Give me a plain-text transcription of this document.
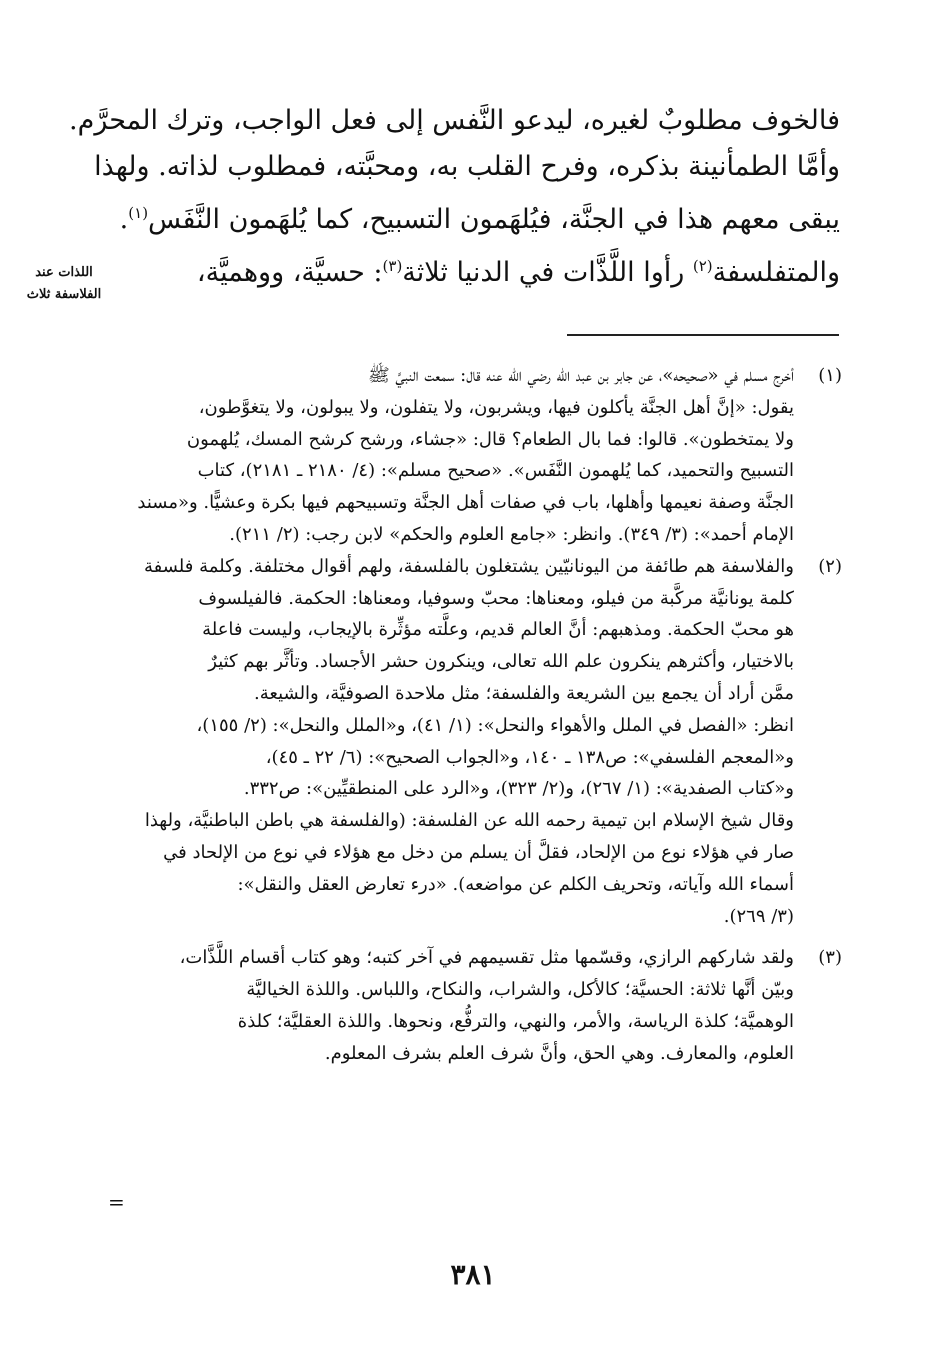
فالخوف مطلوبٌ لغيره، ليدعو النَّفس إلى فعل الواجب، وترك المحرَّم.
وأمَّا الطمأنينة بذكره، وفرح القلب به، ومحبَّته، فمطلوب لذاته. ولهذا
يبقى معهم هذا في الجنَّة، فيُلهَمون التسبيح، كما يُلهَمون النَّفَس$^{(١)}$.
والمتفلسفة$^{(٢)}$ رأوا اللَّذَّات في الدنيا ثلاثة$^{(٣)}$: حسيَّة، ووهميَّة،
اللذات عند
الفلاسفة ثلاث
(١)
أخرج مسلم في «صحيحه»، عن جابر بن عبد الله رضي الله عنه قال: سمعت النبيَّ ﷺ
يقول: «إنَّ أهل الجنَّة يأكلون فيها، ويشربون، ولا يتفلون، ولا يبولون، ولا يتغوَّطون،
ولا يمتخطون». قالوا: فما بال الطعام؟ قال: «جشاء، ورشح كرشح المسك، يُلهمون
التسبيح والتحميد، كما يُلهمون النَّفَس». «صحيح مسلم»: (٤/ ٢١٨٠ ـ ٢١٨١)، كتاب
الجنَّة وصفة نعيمها وأهلها، باب في صفات أهل الجنَّة وتسبيحهم فيها بكرة وعشيًّا. و«مسند
الإمام أحمد»: (٣/ ٣٤٩). وانظر: «جامع العلوم والحكم» لابن رجب: (٢/ ٢١١).
(٢)
والفلاسفة هم طائفة من اليونانيّين يشتغلون بالفلسفة، ولهم أقوال مختلفة. وكلمة فلسفة
كلمة يونانيَّة مركَّبة من فيلو، ومعناها: محبّ وسوفيا، ومعناها: الحكمة. فالفيلسوف
هو محبّ الحكمة. ومذهبهم: أنَّ العالم قديم، وعلَّته مؤثِّرة بالإيجاب، وليست فاعلة
بالاختيار، وأكثرهم ينكرون علم الله تعالى، وينكرون حشر الأجساد. وتأثَّر بهم كثيرٌ
ممَّن أراد أن يجمع بين الشريعة والفلسفة؛ مثل ملاحدة الصوفيَّة، والشيعة.
انظر: «الفصل في الملل والأهواء والنحل»: (١/ ٤١)، و«الملل والنحل»: (٢/ ١٥٥)،
و«المعجم الفلسفي»: ص١٣٨ ـ ١٤٠، و«الجواب الصحيح»: (٦/ ٢٢ ـ ٤٥)،
و«كتاب الصفدية»: (١/ ٢٦٧)، و(٢/ ٣٢٣)، و«الرد على المنطقيِّين»: ص٣٣٢.
وقال شيخ الإسلام ابن تيمية رحمه الله عن الفلسفة: (والفلسفة هي باطن الباطنيَّة، ولهذا
صار في هؤلاء نوع من الإلحاد، فقلَّ أن يسلم من دخل مع هؤلاء في نوع من الإلحاد في
أسماء الله وآياته، وتحريف الكلم عن مواضعه). «درء تعارض العقل والنقل»:
(٣/ ٢٦٩).
(٣)
ولقد شاركهم الرازي، وقسّمها مثل تقسيمهم في آخر كتبه؛ وهو كتاب أقسام اللَّذَّات،
وبيّن أنَّها ثلاثة: الحسيَّة؛ كالأكل، والشراب، والنكاح، واللباس. واللذة الخياليَّة
الوهميَّة؛ كلذة الرياسة، والأمر، والنهي، والترفُّع، ونحوها. واللذة العقليَّة؛ كلذة
العلوم، والمعارف. وهي الحق، وأنَّ شرف العلم بشرف المعلوم.
=
٣٨١
